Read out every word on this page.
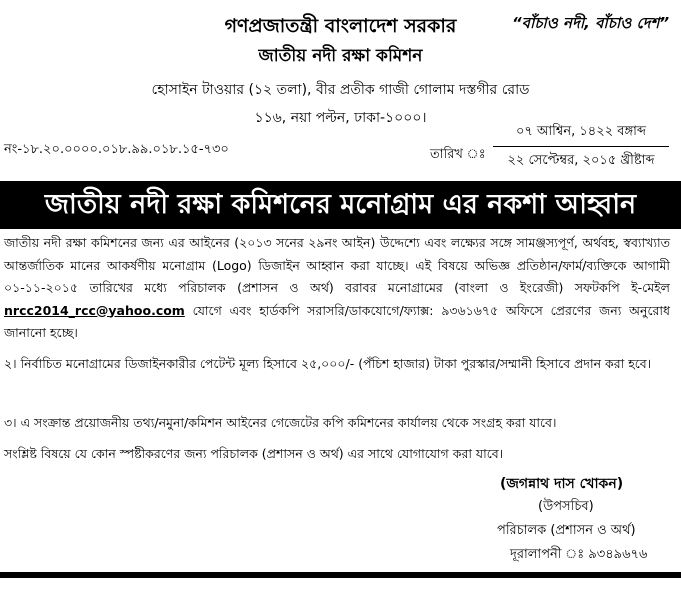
গণপ্রজাতন্ত্রী বাংলাদেশ সরকার	“বাঁচাও নদী, বাঁচাও দেশ”
জাতীয় নদী রক্ষা কমিশন
হোসাইন টাওয়ার (১২ তলা), বীর প্রতীক গাজী গোলাম দস্তগীর রোড
১১৬, নয়া পল্টন, ঢাকা-১০০০।
নং-১৮.২০.০০০০.০১৮.৯৯.০১৮.১৫-৭৩০	তারিখ ঃ
০৭ আশ্বিন, ১৪২২ বঙ্গাব্দ
২২ সেপ্টেম্বর, ২০১৫ খ্রীষ্টাব্দ
জাতীয় নদী রক্ষা কমিশনের মনোগ্রাম এর নকশা আহ্বান
জাতীয় নদী রক্ষা কমিশনের জন্য এর আইনের (২০১৩ সনের ২৯নং আইন) উদ্দেশ্যে এবং লক্ষ্যের সঙ্গে সামঞ্জস্যপূর্ণ, অর্থবহ, স্বব্যাখ্যাত আন্তর্জাতিক মানের আকর্ষণীয় মনোগ্রাম (Logo) ডিজাইন আহ্বান করা যাচ্ছে। এই বিষয়ে অভিজ্ঞ প্রতিষ্ঠান/ফার্ম/ব্যক্তিকে আগামী ০১-১১-২০১৫ তারিখের মধ্যে পরিচালক (প্রশাসন ও অর্থ) বরাবর মনোগ্রামের (বাংলা ও ইংরেজী) সফটকপি ই-মেইল nrcc2014_rcc@yahoo.com যোগে এবং হার্ডকপি সরাসরি/ডাকযোগে/ফ্যাক্স: ৯৩৬১৬৭৫ অফিসে প্রেরণের জন্য অনুরোধ জানানো হচ্ছে।
২। নির্বাচিত মনোগ্রামের ডিজাইনকারীর পেটেন্ট মূল্য হিসাবে ২৫,০০০/- (পঁচিশ হাজার) টাকা পুরস্কার/সম্মানী হিসাবে প্রদান করা হবে।
৩। এ সংক্রান্ত প্রয়োজনীয় তথ্য/নমুনা/কমিশন আইনের গেজেটের কপি কমিশনের কার্যালয় থেকে সংগ্রহ করা যাবে।
সংশ্লিষ্ট বিষয়ে যে কোন স্পষ্টীকরণের জন্য পরিচালক (প্রশাসন ও অর্থ) এর সাথে যোগাযোগ করা যাবে।
(জগন্নাথ দাস খোকন)
(উপসচিব)
পরিচালক (প্রশাসন ও অর্থ)
দূরালাপনী ঃ ৯৩৪৯৬৭৬
